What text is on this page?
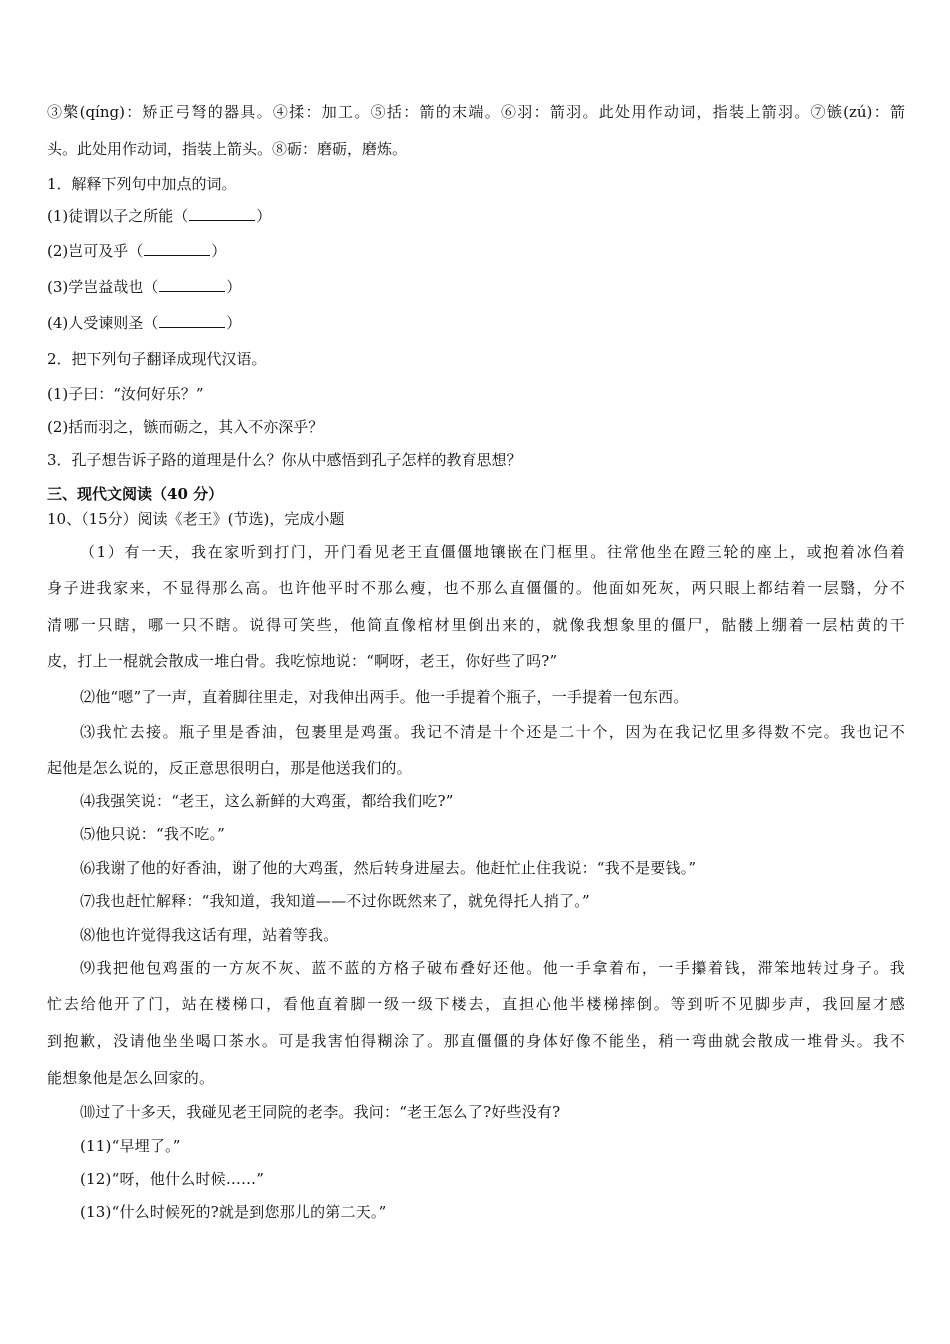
③檠(qíng)：矫正弓弩的器具。④揉：加工。⑤括：箭的末端。⑥羽：箭羽。此处用作动词，指装上箭羽。⑦镞(zú)：箭
头。此处用作动词，指装上箭头。⑧砺：磨砺，磨炼。
1．解释下列句中加点的词。
(1)徒谓以子之所能（	）
(2)岂可及乎（	）
(3)学岂益哉也（	）
(4)人受谏则圣（	）
2．把下列句子翻译成现代汉语。
(1)子曰：“汝何好乐？”
(2)括而羽之，镞而砺之，其入不亦深乎？
3．孔子想告诉子路的道理是什么？你从中感悟到孔子怎样的教育思想？
三、现代文阅读（40 分）
10、（15分）阅读《老王》(节选)，完成小题
（1）有一天，我在家听到打门，开门看见老王直僵僵地镶嵌在门框里。往常他坐在蹬三轮的座上，或抱着冰㑇着
身子进我家来，不显得那么高。也许他平时不那么瘦，也不那么直僵僵的。他面如死灰，两只眼上都结着一层翳，分不
清哪一只瞎，哪一只不瞎。说得可笑些，他简直像棺材里倒出来的，就像我想象里的僵尸，骷髅上绷着一层枯黄的干
皮，打上一棍就会散成一堆白骨。我吃惊地说：“啊呀，老王，你好些了吗?”
⑵他“嗯”了一声，直着脚往里走，对我伸出两手。他一手提着个瓶子，一手提着一包东西。
⑶我忙去接。瓶子里是香油，包裹里是鸡蛋。我记不清是十个还是二十个，因为在我记忆里多得数不完。我也记不
起他是怎么说的，反正意思很明白，那是他送我们的。
⑷我强笑说：“老王，这么新鲜的大鸡蛋，都给我们吃?”
⑸他只说：“我不吃。”
⑹我谢了他的好香油，谢了他的大鸡蛋，然后转身进屋去。他赶忙止住我说：“我不是要钱。”
⑺我也赶忙解释：“我知道，我知道——不过你既然来了，就免得托人捎了。”
⑻他也许觉得我这话有理，站着等我。
⑼我把他包鸡蛋的一方灰不灰、蓝不蓝的方格子破布叠好还他。他一手拿着布，一手攥着钱，滞笨地转过身子。我
忙去给他开了门，站在楼梯口，看他直着脚一级一级下楼去，直担心他半楼梯摔倒。等到听不见脚步声，我回屋才感
到抱歉，没请他坐坐喝口茶水。可是我害怕得糊涂了。那直僵僵的身体好像不能坐，稍一弯曲就会散成一堆骨头。我不
能想象他是怎么回家的。
⑽过了十多天，我碰见老王同院的老李。我问：“老王怎么了?好些没有?
(11)“早埋了。”
(12)“呀，他什么时候……”
(13)“什么时候死的?就是到您那儿的第二天。”
